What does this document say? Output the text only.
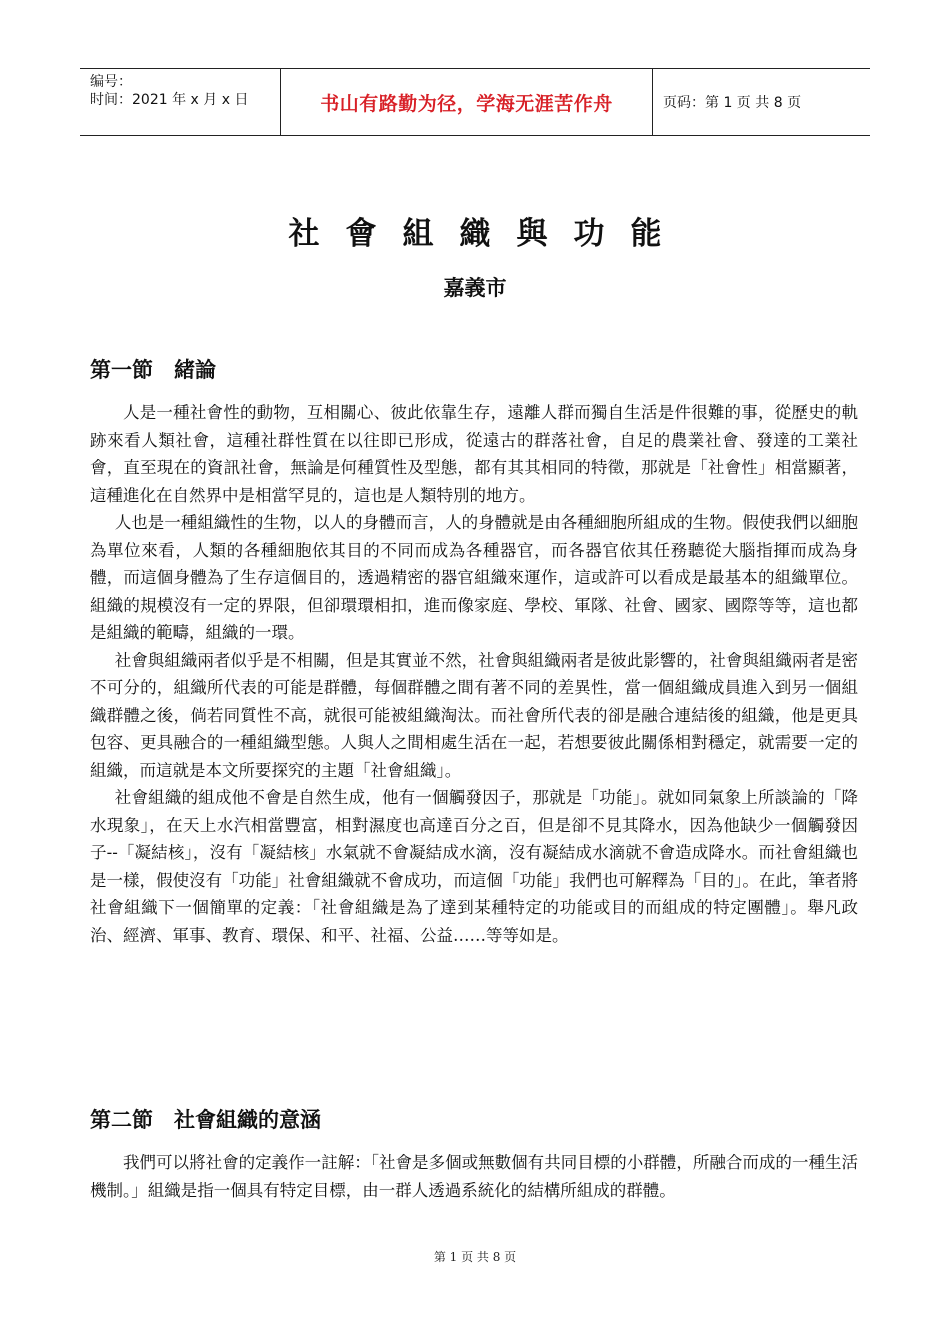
编号：
时间：2021 年 x 月 x 日	书山有路勤为径，学海无涯苦作舟	页码：第 1 页 共 8 页
社會組織與功能
嘉義市
第一節　緒論

人是一種社會性的動物，互相關心、彼此依靠生存，遠離人群而獨自生活是件很難的事，從歷史的軌跡來看人類社會，這種社群性質在以往即已形成，從遠古的群落社會，自足的農業社會、發達的工業社會，直至現在的資訊社會，無論是何種質性及型態，都有其其相同的特徵，那就是「社會性」相當顯著，這種進化在自然界中是相當罕見的，這也是人類特別的地方。

人也是一種組織性的生物，以人的身體而言，人的身體就是由各種細胞所組成的生物。假使我們以細胞為單位來看，人類的各種細胞依其目的不同而成為各種器官，而各器官依其任務聽從大腦指揮而成為身體，而這個身體為了生存這個目的，透過精密的器官組織來運作，這或許可以看成是最基本的組織單位。組織的規模沒有一定的界限，但卻環環相扣，進而像家庭、學校、軍隊、社會、國家、國際等等，這也都是組織的範疇，組織的一環。

社會與組織兩者似乎是不相關，但是其實並不然，社會與組織兩者是彼此影響的，社會與組織兩者是密不可分的，組織所代表的可能是群體，每個群體之間有著不同的差異性，當一個組織成員進入到另一個組織群體之後，倘若同質性不高，就很可能被組織淘汰。而社會所代表的卻是融合連結後的組織，他是更具包容、更具融合的一種組織型態。人與人之間相處生活在一起，若想要彼此關係相對穩定，就需要一定的組織，而這就是本文所要探究的主題「社會組織」。

社會組織的組成他不會是自然生成，他有一個觸發因子，那就是「功能」。就如同氣象上所談論的「降水現象」，在天上水汽相當豐富，相對濕度也高達百分之百，但是卻不見其降水，因為他缺少一個觸發因子--「凝結核」，沒有「凝結核」水氣就不會凝結成水滴，沒有凝結成水滴就不會造成降水。而社會組織也是一樣，假使沒有「功能」社會組織就不會成功，而這個「功能」我們也可解釋為「目的」。在此，筆者將社會組織下一個簡單的定義：「社會組織是為了達到某種特定的功能或目的而組成的特定團體」。舉凡政治、經濟、軍事、教育、環保、和平、社福、公益……等等如是。

第二節　社會組織的意涵

我們可以將社會的定義作一註解：「社會是多個或無數個有共同目標的小群體，所融合而成的一種生活機制。」組織是指一個具有特定目標，由一群人透過系統化的結構所組成的群體。

第 1 页 共 8 页
